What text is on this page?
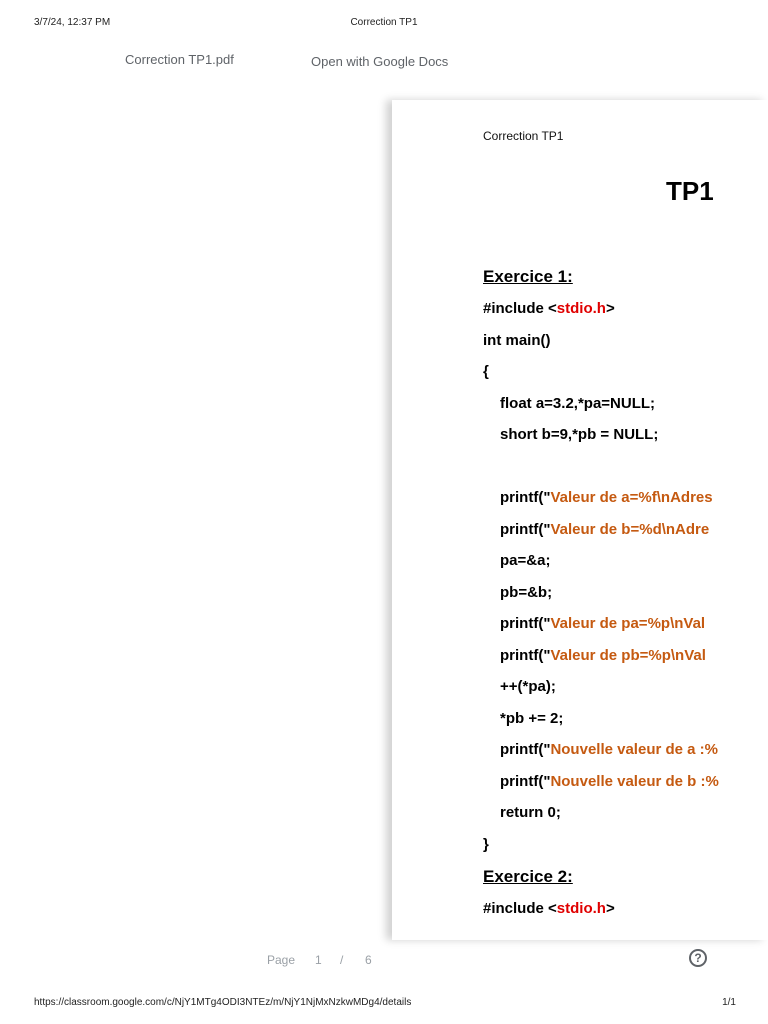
3/7/24, 12:37 PM	Correction TP1
Correction TP1.pdf	Open with Google Docs
Correction TP1
TP1
Exercice 1:
#include <stdio.h>
int main()
{
float a=3.2,*pa=NULL;
short b=9,*pb = NULL;
printf("Valeur de a=%f\nAdres
printf("Valeur de b=%d\nAdre
pa=&a;
pb=&b;
printf("Valeur de pa=%p\nVal
printf("Valeur de pb=%p\nVal
++(*pa);
*pb += 2;
printf("Nouvelle valeur de a :%
printf("Nouvelle valeur de b :%
return 0;
}
Exercice 2:
#include <stdio.h>
Page 1 / 6	?
https://classroom.google.com/c/NjY1MTg4ODI3NTEz/m/NjY1NjMxNzkwMDg4/details	1/1
